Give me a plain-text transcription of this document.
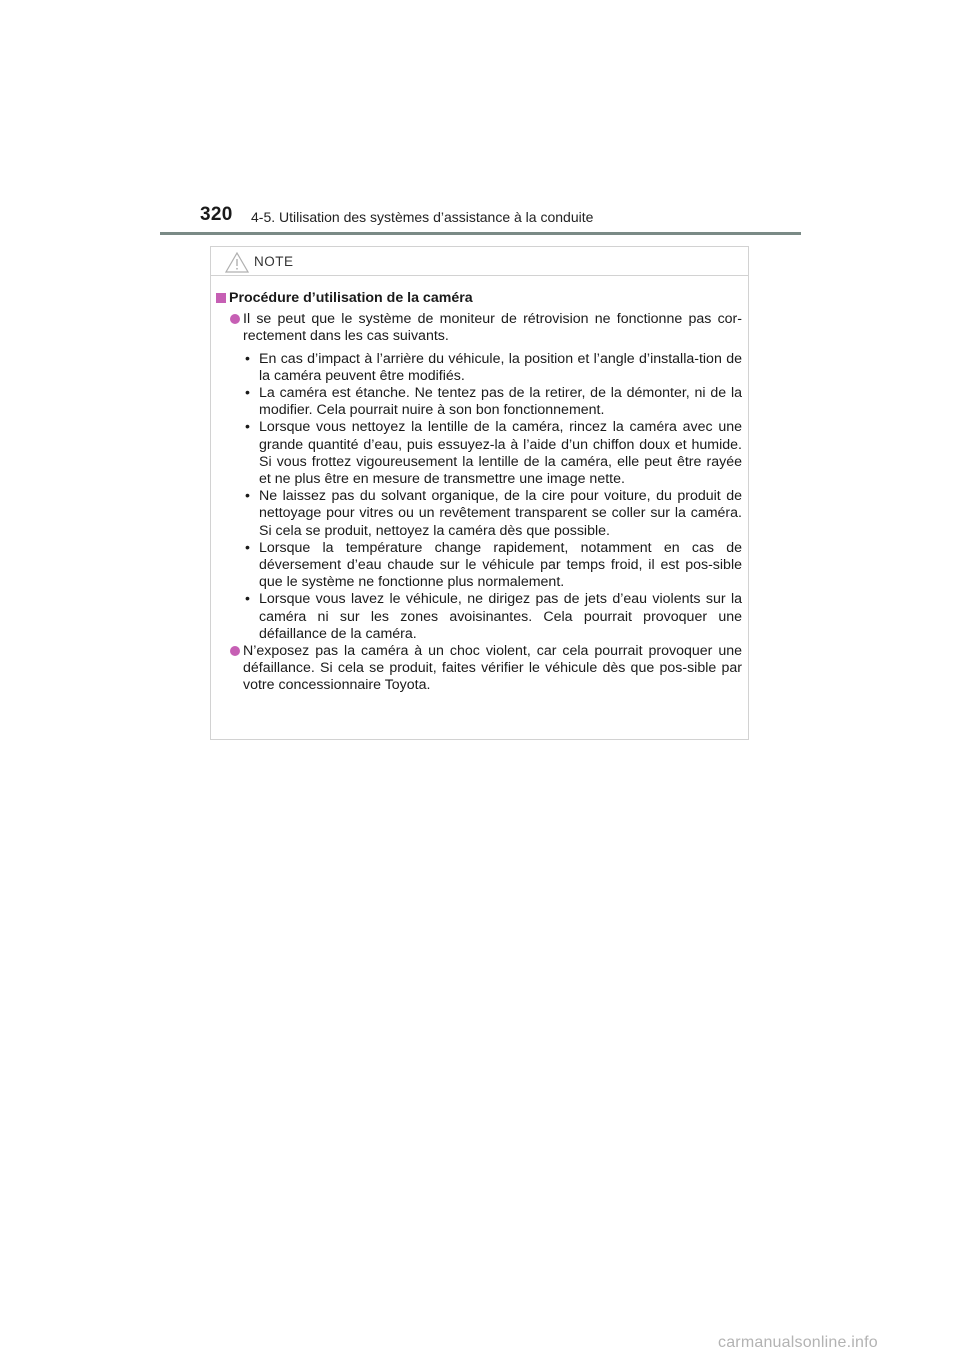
320 4-5. Utilisation des systèmes d’assistance à la conduite
NOTE
Procédure d’utilisation de la caméra
Il se peut que le système de moniteur de rétrovision ne fonctionne pas cor-rectement dans les cas suivants.
• En cas d’impact à l’arrière du véhicule, la position et l’angle d’installa-tion de la caméra peuvent être modifiés.
• La caméra est étanche. Ne tentez pas de la retirer, de la démonter, ni de la modifier. Cela pourrait nuire à son bon fonctionnement.
• Lorsque vous nettoyez la lentille de la caméra, rincez la caméra avec une grande quantité d’eau, puis essuyez-la à l’aide d’un chiffon doux et humide. Si vous frottez vigoureusement la lentille de la caméra, elle peut être rayée et ne plus être en mesure de transmettre une image nette.
• Ne laissez pas du solvant organique, de la cire pour voiture, du produit de nettoyage pour vitres ou un revêtement transparent se coller sur la caméra. Si cela se produit, nettoyez la caméra dès que possible.
• Lorsque la température change rapidement, notamment en cas de déversement d’eau chaude sur le véhicule par temps froid, il est pos-sible que le système ne fonctionne plus normalement.
• Lorsque vous lavez le véhicule, ne dirigez pas de jets d’eau violents sur la caméra ni sur les zones avoisinantes. Cela pourrait provoquer une défaillance de la caméra.
N’exposez pas la caméra à un choc violent, car cela pourrait provoquer une défaillance. Si cela se produit, faites vérifier le véhicule dès que pos-sible par votre concessionnaire Toyota.
carmanualsonline.info
